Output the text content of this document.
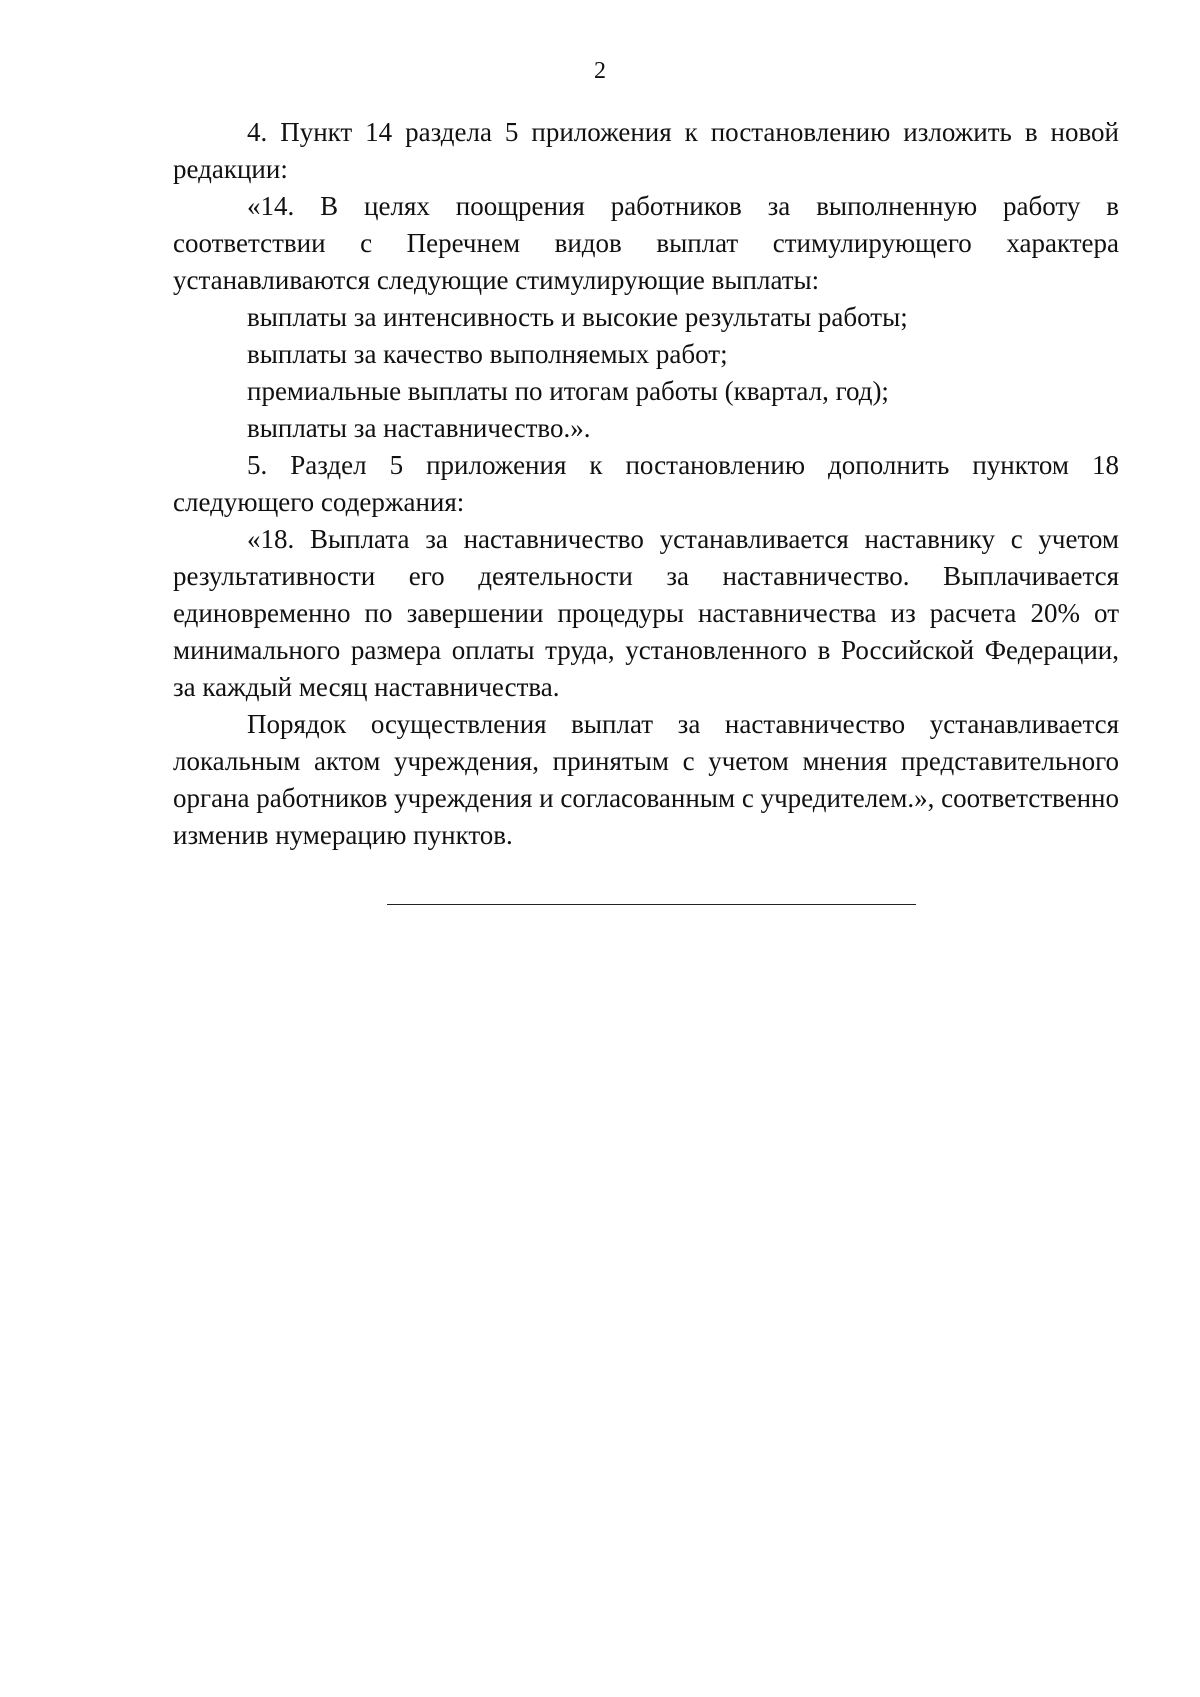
2

4. Пункт 14 раздела 5 приложения к постановлению изложить в новой редакции:

«14. В целях поощрения работников за выполненную работу в соответствии с Перечнем видов выплат стимулирующего характера устанавливаются следующие стимулирующие выплаты:

выплаты за интенсивность и высокие результаты работы;

выплаты за качество выполняемых работ;

премиальные выплаты по итогам работы (квартал, год);

выплаты за наставничество.».

5. Раздел 5 приложения к постановлению дополнить пунктом 18 следующего содержания:

«18. Выплата за наставничество устанавливается наставнику с учетом результативности его деятельности за наставничество. Выплачивается единовременно по завершении процедуры наставничества из расчета 20% от минимального размера оплаты труда, установленного в Российской Федерации, за каждый месяц наставничества.

Порядок осуществления выплат за наставничество устанавливается локальным актом учреждения, принятым с учетом мнения представительного органа работников учреждения и согласованным с учредителем.», соответственно изменив нумерацию пунктов.
